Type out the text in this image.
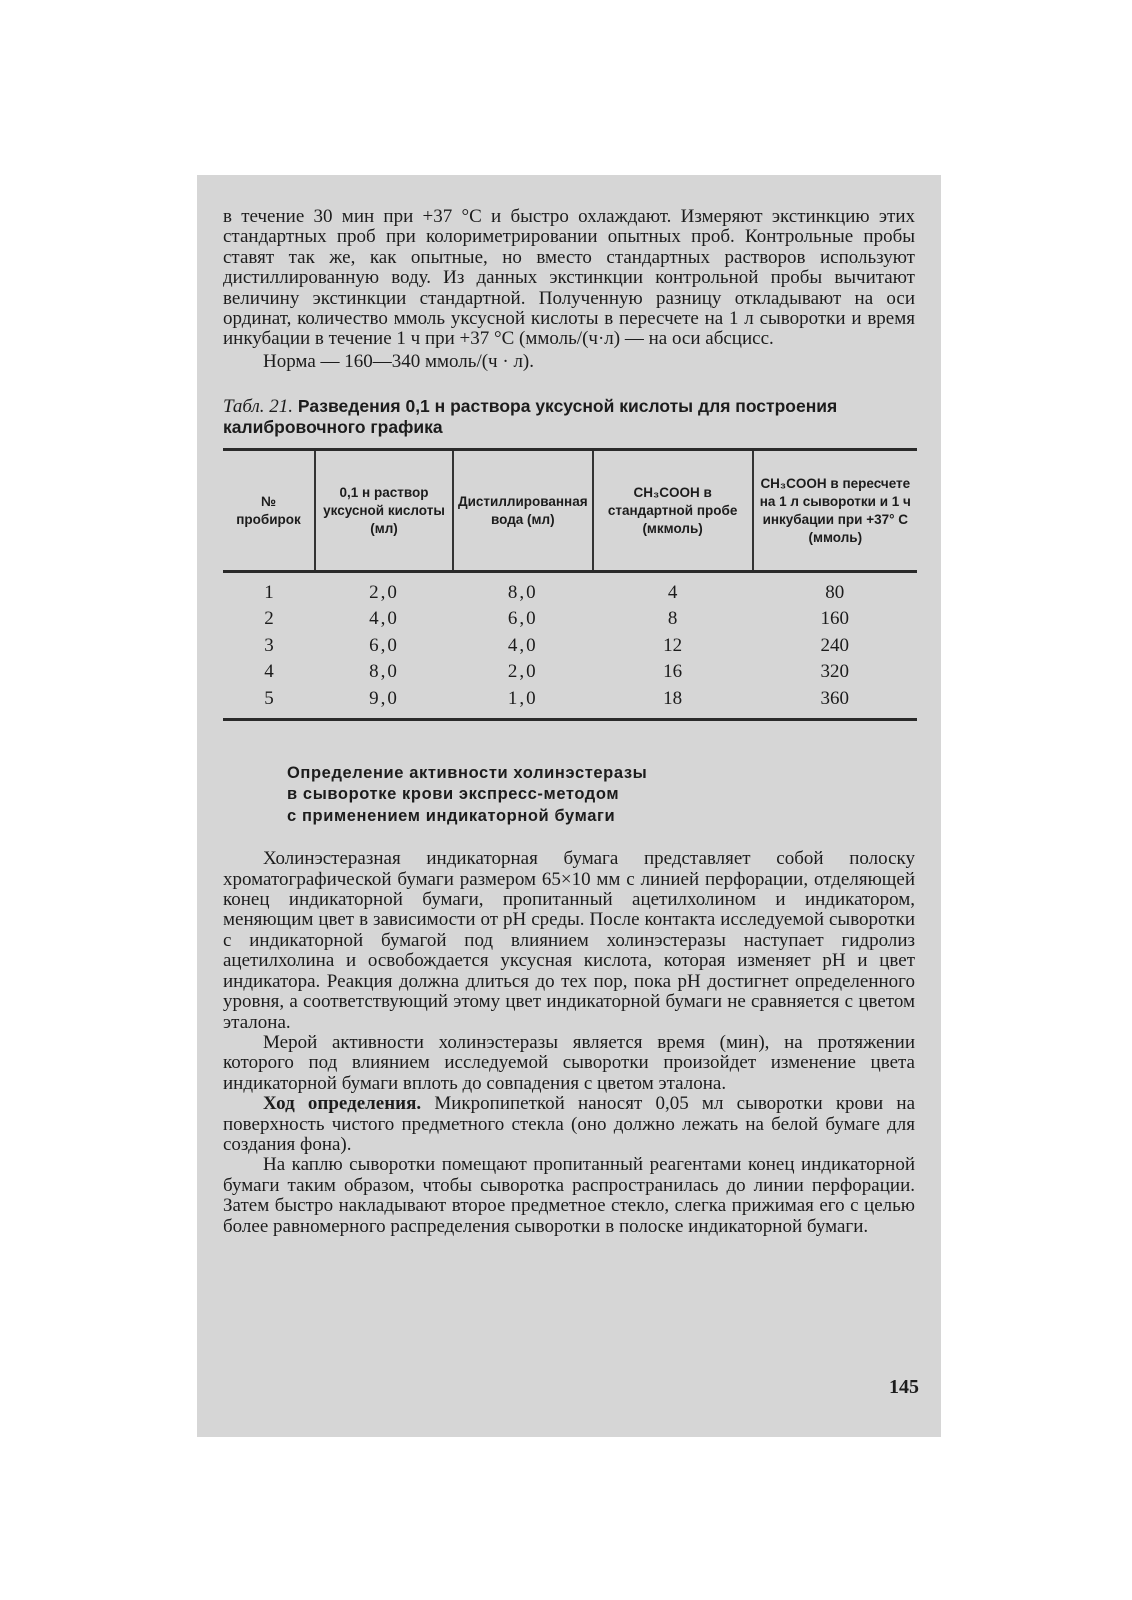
в течение 30 мин при +37 °С и быстро охлаждают. Измеряют экстинкцию этих стандартных проб при колориметрировании опытных проб. Контрольные пробы ставят так же, как опытные, но вместо стандартных растворов используют дистиллированную воду. Из данных экстинкции контрольной пробы вычитают величину экстинкции стандартной. Полученную разницу откладывают на оси ординат, количество ммоль уксусной кислоты в пересчете на 1 л сыворотки и время инкубации в течение 1 ч при +37 °С (ммоль/(ч·л) — на оси абсцисс.

Норма — 160—340 ммоль/(ч · л).

Табл. 21. Разведения 0,1 н раствора уксусной кислоты для построения калибровочного графика
№ пробирок	0,1 н раствор уксусной кислоты (мл)	Дистиллированная вода (мл)	CH₃COOH в стандартной пробе (мкмоль)	CH₃COOH в пересчете на 1 л сыворотки и 1 ч инкубации при +37° С (ммоль)
1	2,0	8,0	4	80
2	4,0	6,0	8	160
3	6,0	4,0	12	240
4	8,0	2,0	16	320
5	9,0	1,0	18	360
Определение активности холинэстеразы
в сыворотке крови экспресс-методом
с применением индикаторной бумаги

Холинэстеразная индикаторная бумага представляет собой полоску хроматографической бумаги размером 65×10 мм с линией перфорации, отделяющей конец индикаторной бумаги, пропитанный ацетилхолином и индикатором, меняющим цвет в зависимости от pH среды. После контакта исследуемой сыворотки с индикаторной бумагой под влиянием холинэстеразы наступает гидролиз ацетилхолина и освобождается уксусная кислота, которая изменяет pH и цвет индикатора. Реакция должна длиться до тех пор, пока pH достигнет определенного уровня, а соответствующий этому цвет индикаторной бумаги не сравняется с цветом эталона.

Мерой активности холинэстеразы является время (мин), на протяжении которого под влиянием исследуемой сыворотки произойдет изменение цвета индикаторной бумаги вплоть до совпадения с цветом эталона.

Ход определения. Микропипеткой наносят 0,05 мл сыворотки крови на поверхность чистого предметного стекла (оно должно лежать на белой бумаге для создания фона).

На каплю сыворотки помещают пропитанный реагентами конец индикаторной бумаги таким образом, чтобы сыворотка распространилась до линии перфорации. Затем быстро накладывают второе предметное стекло, слегка прижимая его с целью более равномерного распределения сыворотки в полоске индикаторной бумаги.

145
